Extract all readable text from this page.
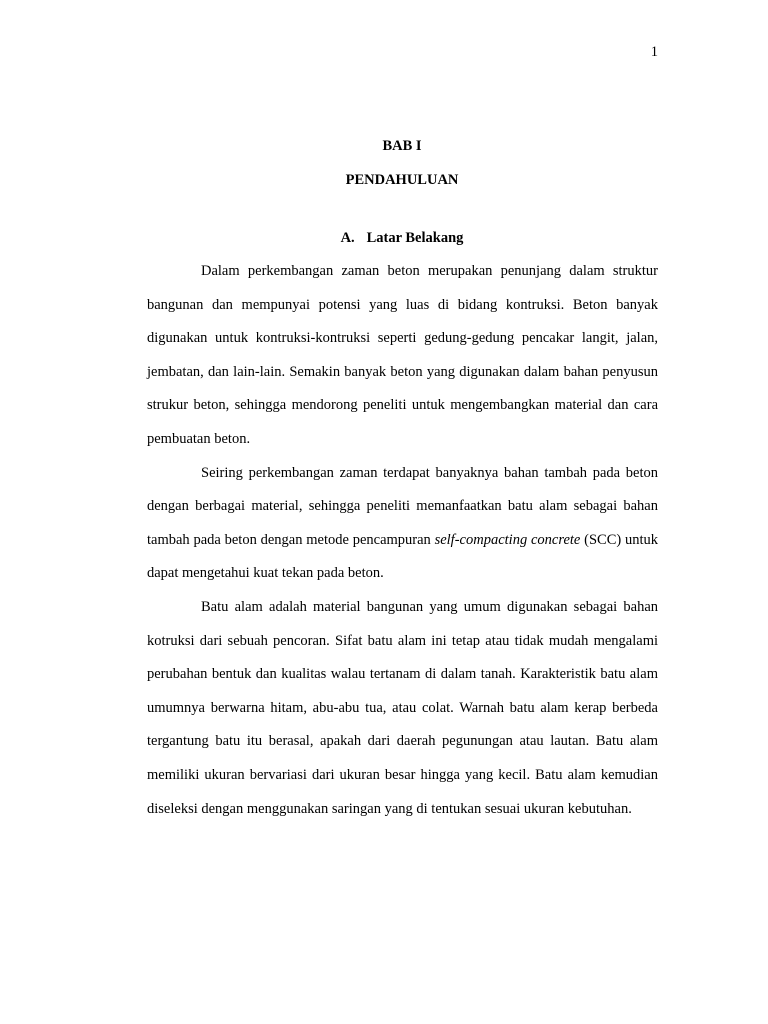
1
BAB I
PENDAHULUAN
A. Latar Belakang

Dalam perkembangan zaman beton merupakan penunjang dalam struktur bangunan dan mempunyai potensi yang luas di bidang kontruksi. Beton banyak digunakan untuk kontruksi-kontruksi seperti gedung-gedung pencakar langit, jalan, jembatan, dan lain-lain. Semakin banyak beton yang digunakan dalam bahan penyusun strukur beton, sehingga mendorong peneliti untuk mengembangkan material dan cara pembuatan beton.

Seiring perkembangan zaman terdapat banyaknya bahan tambah pada beton dengan berbagai material, sehingga peneliti memanfaatkan batu alam sebagai bahan tambah pada beton dengan metode pencampuran self-compacting concrete (SCC) untuk dapat mengetahui kuat tekan pada beton.

Batu alam adalah material bangunan yang umum digunakan sebagai bahan kotruksi dari sebuah pencoran. Sifat batu alam ini tetap atau tidak mudah mengalami perubahan bentuk dan kualitas walau tertanam di dalam tanah. Karakteristik batu alam umumnya berwarna hitam, abu-abu tua, atau colat. Warnah batu alam kerap berbeda tergantung batu itu berasal, apakah dari daerah pegunungan atau lautan. Batu alam memiliki ukuran bervariasi dari ukuran besar hingga yang kecil. Batu alam kemudian diseleksi dengan menggunakan saringan yang di tentukan sesuai ukuran kebutuhan.
